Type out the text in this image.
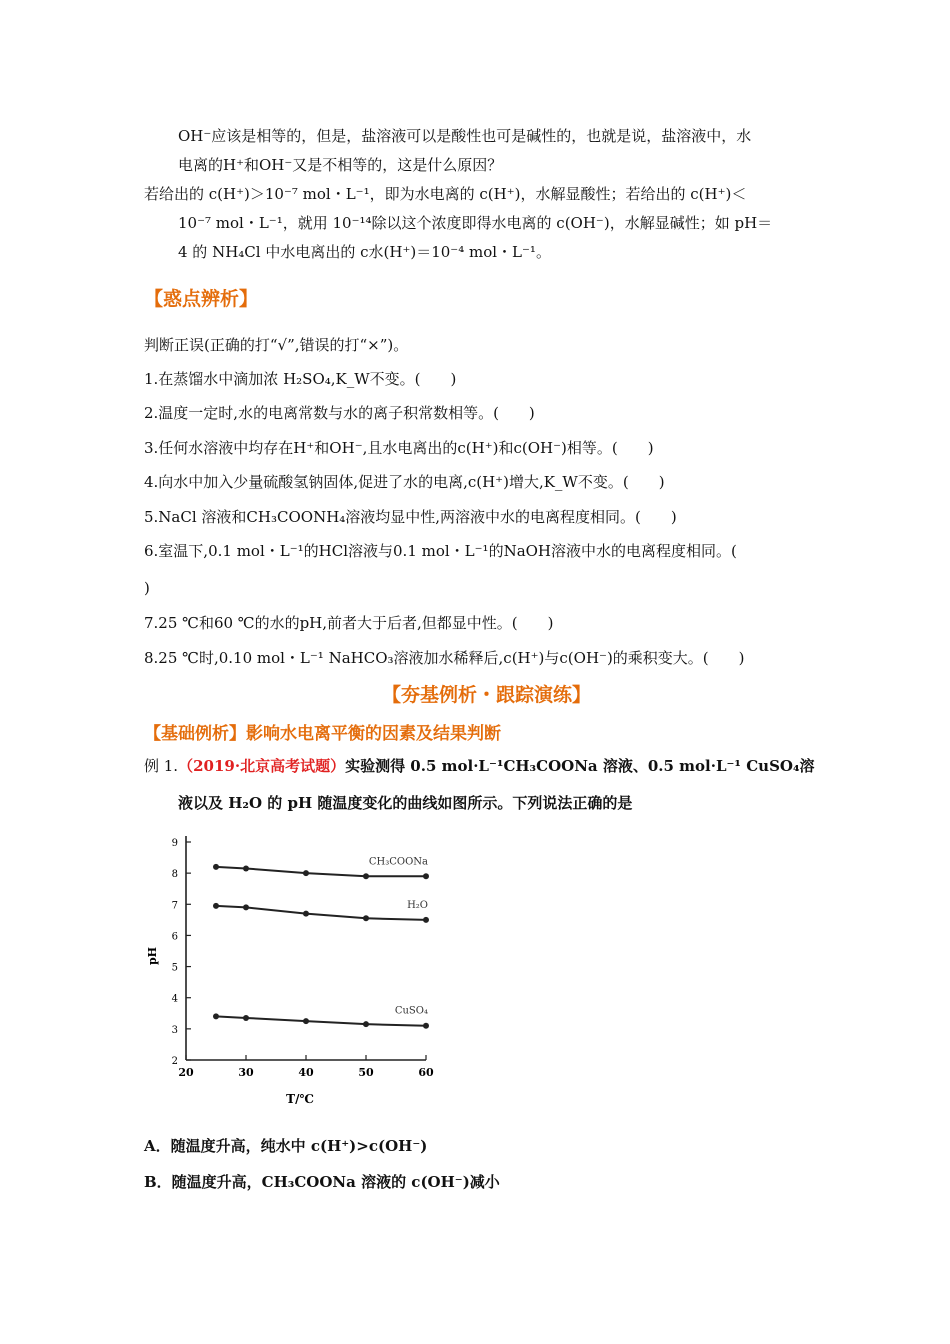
OH⁻应该是相等的，但是，盐溶液可以是酸性也可是碱性的，也就是说，盐溶液中，水
电离的H⁺和OH⁻又是不相等的，这是什么原因？
若给出的 c(H⁺)＞10⁻⁷ mol・L⁻¹，即为水电离的 c(H⁺)，水解显酸性；若给出的 c(H⁺)＜
10⁻⁷ mol・L⁻¹，就用 10⁻¹⁴除以这个浓度即得水电离的 c(OH⁻)，水解显碱性；如 pH＝
4 的 NH₄Cl 中水电离出的 c水(H⁺)＝10⁻⁴ mol・L⁻¹。
【惑点辨析】
判断正误(正确的打“√”,错误的打“×”)。
1.在蒸馏水中滴加浓 H₂SO₄,K_W不变。(　　)
2.温度一定时,水的电离常数与水的离子积常数相等。(　　)
3.任何水溶液中均存在H⁺和OH⁻,且水电离出的c(H⁺)和c(OH⁻)相等。(　　)
4.向水中加入少量硫酸氢钠固体,促进了水的电离,c(H⁺)增大,K_W不变。(　　)
5.NaCl 溶液和CH₃COONH₄溶液均显中性,两溶液中水的电离程度相同。(　　)
6.室温下,0.1 mol・L⁻¹的HCl溶液与0.1 mol・L⁻¹的NaOH溶液中水的电离程度相同。(
)
7.25 ℃和60 ℃的水的pH,前者大于后者,但都显中性。(　　)
8.25 ℃时,0.10 mol・L⁻¹ NaHCO₃溶液加水稀释后,c(H⁺)与c(OH⁻)的乘积变大。(　　)
【夯基例析・跟踪演练】
【基础例析】影响水电离平衡的因素及结果判断
例 1.（2019·北京高考试题）实验测得 0.5 mol·L⁻¹CH₃COONa 溶液、0.5 mol·L⁻¹ CuSO₄溶
液以及 H₂O 的 pH 随温度变化的曲线如图所示。下列说法正确的是
2
3
4
5
6
7
8
9
20	30	40	50	60
CH₃COONa
H₂O
CuSO₄
pH
T/℃
A．随温度升高，纯水中 c(H⁺)>c(OH⁻)
B．随温度升高，CH₃COONa 溶液的 c(OH⁻)减小
